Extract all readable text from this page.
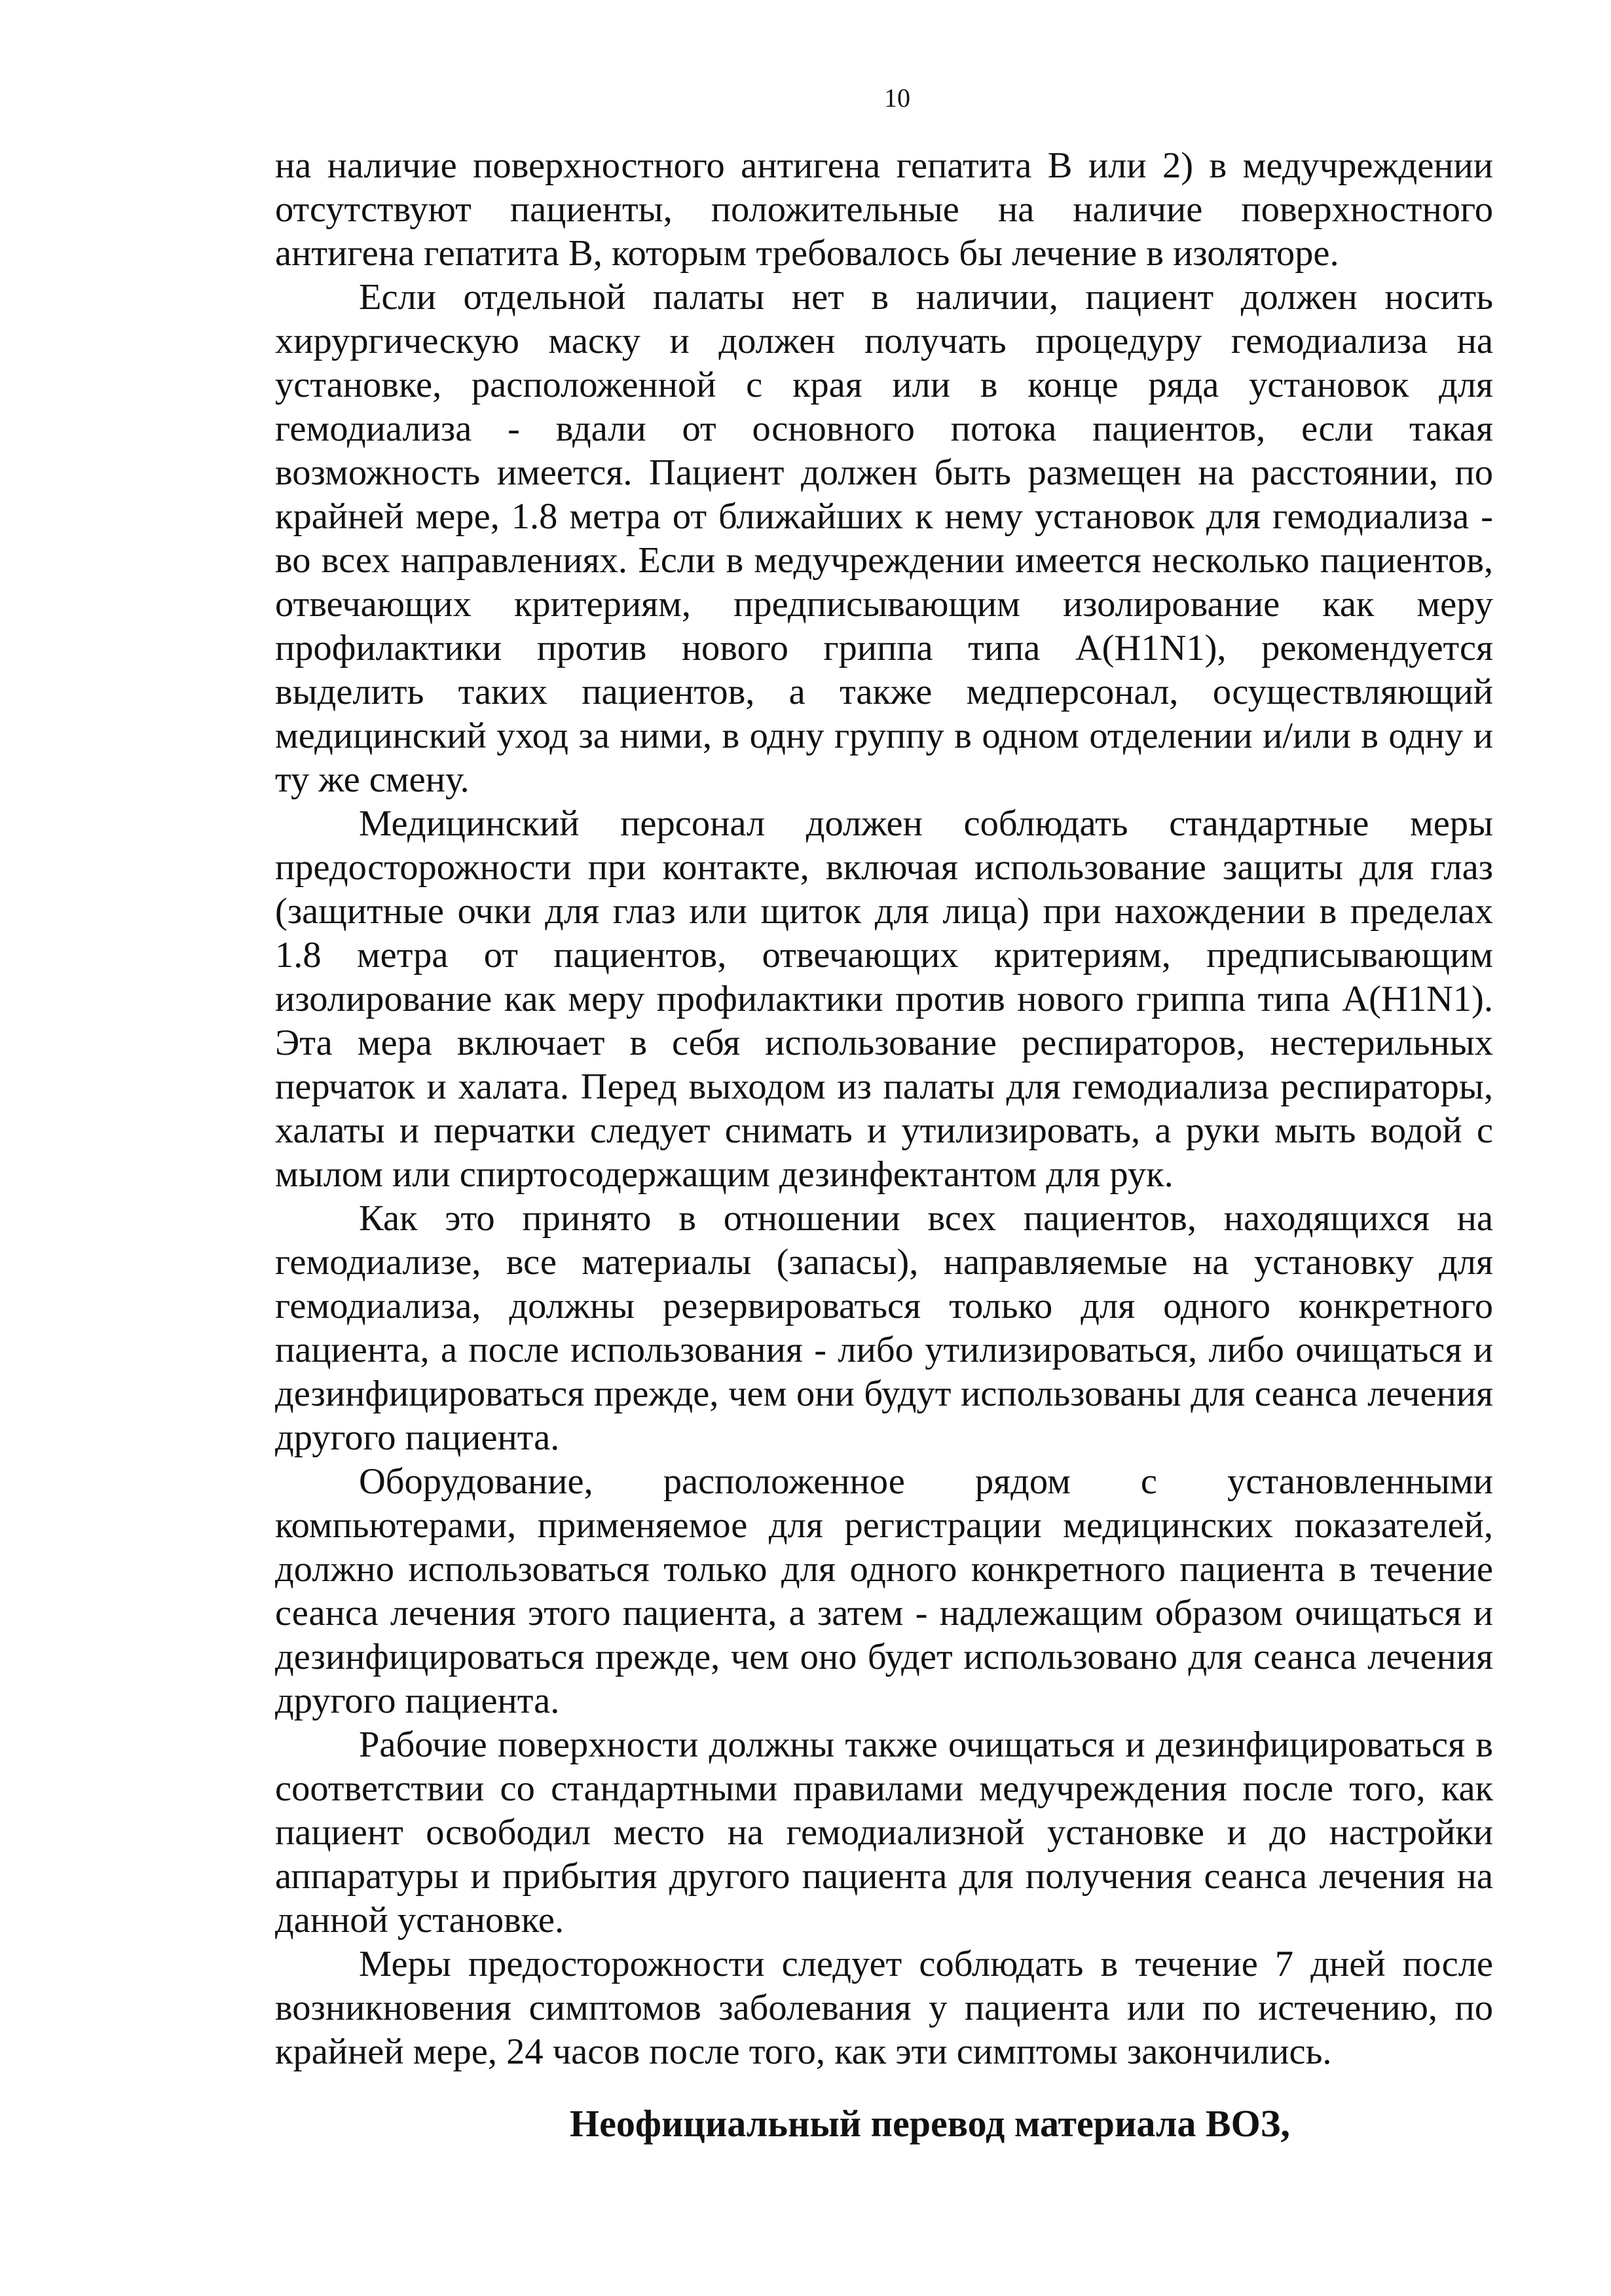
10

на наличие поверхностного антигена гепатита В или 2) в медучреждении отсутствуют пациенты, положительные на наличие поверхностного антигена гепатита В, которым требовалось бы лечение в изоляторе.

Если отдельной палаты нет в наличии, пациент должен носить хирургическую маску и должен получать процедуру гемодиализа на установке, расположенной с края или в конце ряда установок для гемодиализа - вдали от основного потока пациентов, если такая возможность имеется. Пациент должен быть размещен на расстоянии, по крайней мере, 1.8 метра от ближайших к нему установок для гемодиализа - во всех направлениях. Если в медучреждении имеется несколько пациентов, отвечающих критериям, предписывающим изолирование как меру профилактики против нового гриппа типа A(H1N1), рекомендуется выделить таких пациентов, а также медперсонал, осуществляющий медицинский уход за ними, в одну группу в одном отделении и/или в одну и ту же смену.

Медицинский персонал должен соблюдать стандартные меры предосторожности при контакте, включая использование защиты для глаз (защитные очки для глаз или щиток для лица) при нахождении в пределах 1.8 метра от пациентов, отвечающих критериям, предписывающим изолирование как меру профилактики против нового гриппа типа A(H1N1). Эта мера включает в себя использование респираторов, нестерильных перчаток и халата. Перед выходом из палаты для гемодиализа респираторы, халаты и перчатки следует снимать и утилизировать, а руки мыть водой с мылом или спиртосодержащим дезинфектантом для рук.

Как это принято в отношении всех пациентов, находящихся на гемодиализе, все материалы (запасы), направляемые на установку для гемодиализа, должны резервироваться только для одного конкретного пациента, а после использования - либо утилизироваться, либо очищаться и дезинфицироваться прежде, чем они будут использованы для сеанса лечения другого пациента.

Оборудование, расположенное рядом с установленными компьютерами, применяемое для регистрации медицинских показателей, должно использоваться только для одного конкретного пациента в течение сеанса лечения этого пациента, а затем - надлежащим образом очищаться и дезинфицироваться прежде, чем оно будет использовано для сеанса лечения другого пациента.

Рабочие поверхности должны также очищаться и дезинфицироваться в соответствии со стандартными правилами медучреждения после того, как пациент освободил место на гемодиализной установке и до настройки аппаратуры и прибытия другого пациента для получения сеанса лечения на данной установке.

Меры предосторожности следует соблюдать в течение 7 дней после возникновения симптомов заболевания у пациента или по истечению, по крайней мере, 24 часов после того, как эти симптомы закончились.

Неофициальный перевод материала ВОЗ,
